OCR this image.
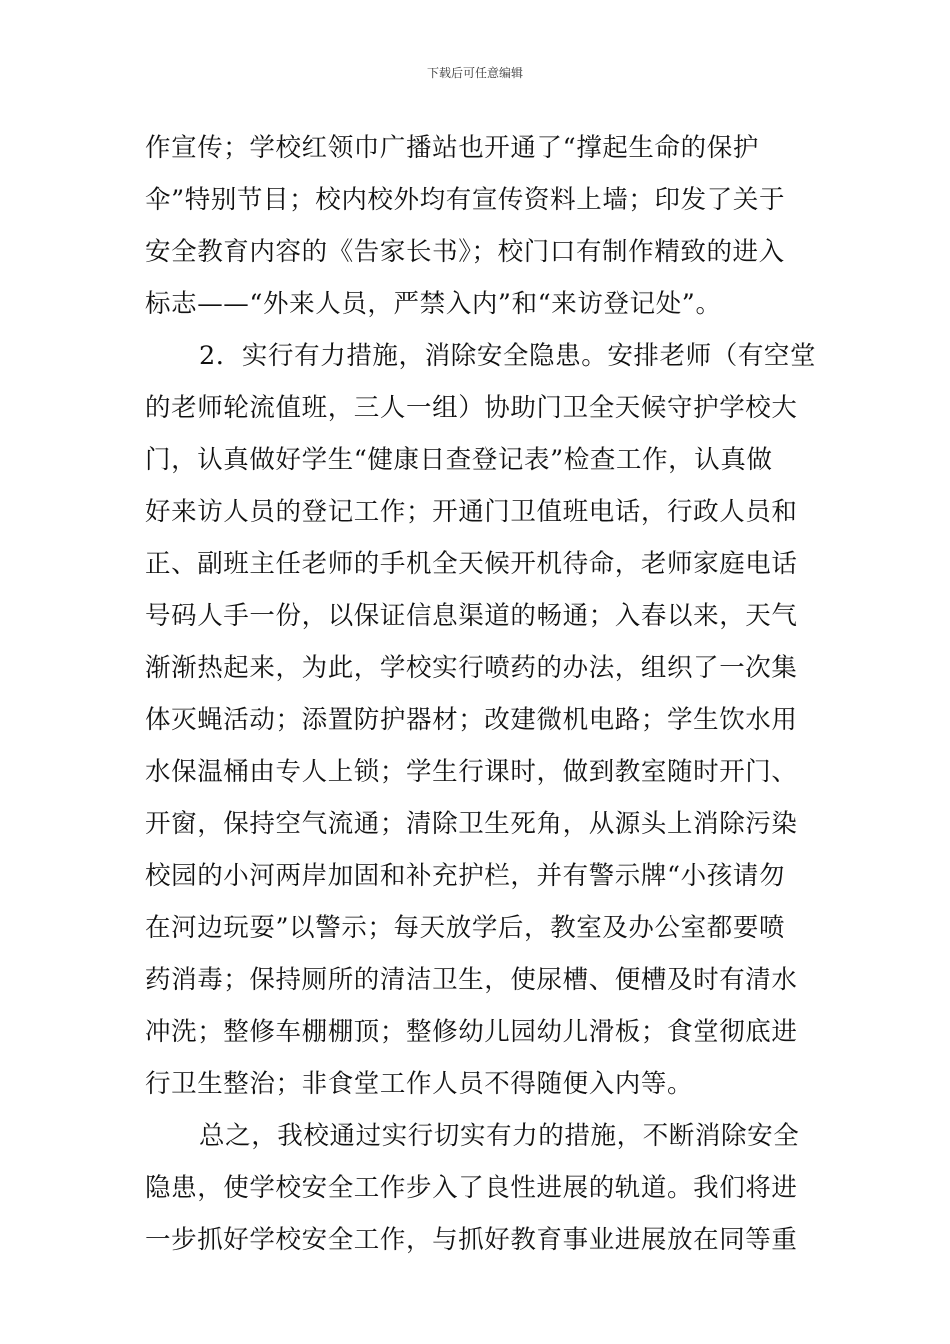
下载后可任意编辑
作宣传；学校红领巾广播站也开通了“撑起生命的保护
伞”特别节目；校内校外均有宣传资料上墙；印发了关于
安全教育内容的《告家长书》；校门口有制作精致的进入
标志——“外来人员，严禁入内”和“来访登记处”。
2．实行有力措施，消除安全隐患。安排老师（有空堂
的老师轮流值班，三人一组）协助门卫全天候守护学校大
门，认真做好学生“健康日查登记表”检查工作，认真做
好来访人员的登记工作；开通门卫值班电话，行政人员和
正、副班主任老师的手机全天候开机待命，老师家庭电话
号码人手一份，以保证信息渠道的畅通；入春以来，天气
渐渐热起来，为此，学校实行喷药的办法，组织了一次集
体灭蝇活动；添置防护器材；改建微机电路；学生饮水用
水保温桶由专人上锁；学生行课时，做到教室随时开门、
开窗，保持空气流通；清除卫生死角，从源头上消除污染
校园的小河两岸加固和补充护栏，并有警示牌“小孩请勿
在河边玩耍”以警示；每天放学后，教室及办公室都要喷
药消毒；保持厕所的清洁卫生，使尿槽、便槽及时有清水
冲洗；整修车棚棚顶；整修幼儿园幼儿滑板；食堂彻底进
行卫生整治；非食堂工作人员不得随便入内等。
总之，我校通过实行切实有力的措施，不断消除安全
隐患，使学校安全工作步入了良性进展的轨道。我们将进
一步抓好学校安全工作，与抓好教育事业进展放在同等重
